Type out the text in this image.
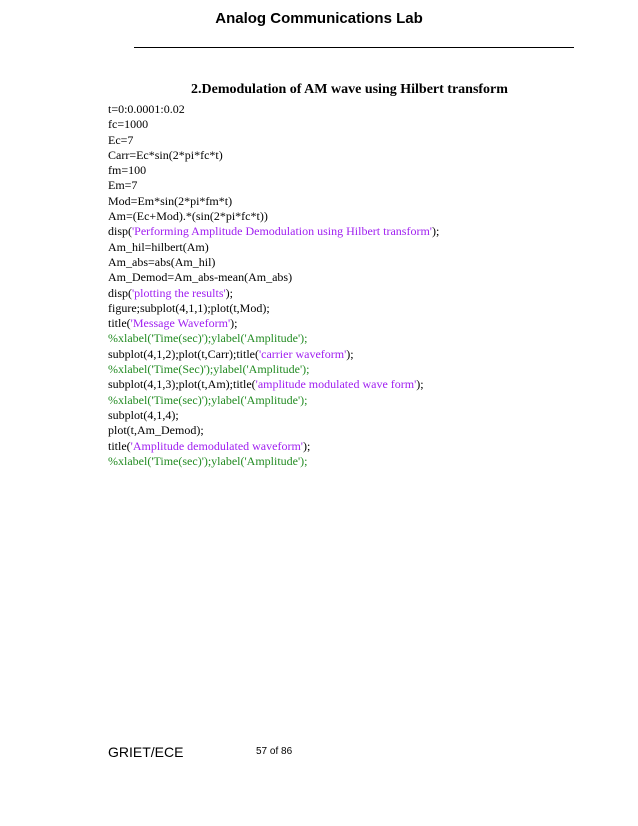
Analog Communications Lab
2.Demodulation of AM wave using Hilbert transform
t=0:0.0001:0.02
fc=1000
Ec=7
Carr=Ec*sin(2*pi*fc*t)
fm=100
Em=7
Mod=Em*sin(2*pi*fm*t)
Am=(Ec+Mod).*(sin(2*pi*fc*t))
disp('Performing Amplitude Demodulation using Hilbert transform');
Am_hil=hilbert(Am)
Am_abs=abs(Am_hil)
Am_Demod=Am_abs-mean(Am_abs)
disp('plotting the results');
figure;subplot(4,1,1);plot(t,Mod);
title('Message Waveform');
%xlabel('Time(sec)');ylabel('Amplitude');
subplot(4,1,2);plot(t,Carr);title('carrier waveform');
%xlabel('Time(Sec)');ylabel('Amplitude');
subplot(4,1,3);plot(t,Am);title('amplitude modulated wave form');
%xlabel('Time(sec)');ylabel('Amplitude');
subplot(4,1,4);
plot(t,Am_Demod);
title('Amplitude demodulated waveform');
%xlabel('Time(sec)');ylabel('Amplitude');
GRIET/ECE	57 of 86
